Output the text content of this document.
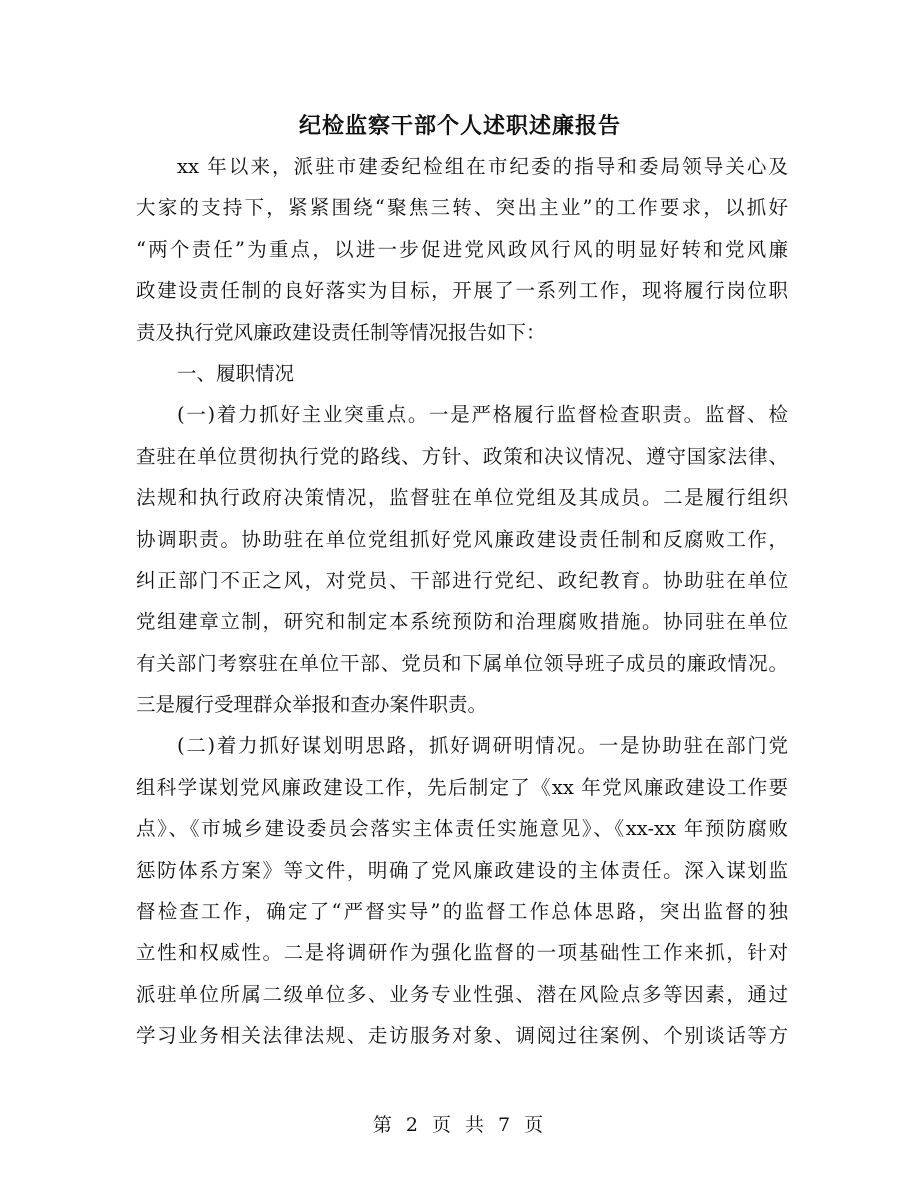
纪检监察干部个人述职述廉报告
xx 年以来，派驻市建委纪检组在市纪委的指导和委局领导关心及
大家的支持下，紧紧围绕“聚焦三转、突出主业”的工作要求，以抓好
“两个责任”为重点，以进一步促进党风政风行风的明显好转和党风廉
政建设责任制的良好落实为目标，开展了一系列工作，现将履行岗位职
责及执行党风廉政建设责任制等情况报告如下：
一、履职情况
(一)着力抓好主业突重点。一是严格履行监督检查职责。监督、检
查驻在单位贯彻执行党的路线、方针、政策和决议情况、遵守国家法律、
法规和执行政府决策情况，监督驻在单位党组及其成员。二是履行组织
协调职责。协助驻在单位党组抓好党风廉政建设责任制和反腐败工作，
纠正部门不正之风，对党员、干部进行党纪、政纪教育。协助驻在单位
党组建章立制，研究和制定本系统预防和治理腐败措施。协同驻在单位
有关部门考察驻在单位干部、党员和下属单位领导班子成员的廉政情况。
三是履行受理群众举报和查办案件职责。
(二)着力抓好谋划明思路，抓好调研明情况。一是协助驻在部门党
组科学谋划党风廉政建设工作，先后制定了《xx 年党风廉政建设工作要
点》、《市城乡建设委员会落实主体责任实施意见》、《xx-xx 年预防腐败
惩防体系方案》等文件，明确了党风廉政建设的主体责任。深入谋划监
督检查工作，确定了“严督实导”的监督工作总体思路，突出监督的独
立性和权威性。二是将调研作为强化监督的一项基础性工作来抓，针对
派驻单位所属二级单位多、业务专业性强、潜在风险点多等因素，通过
学习业务相关法律法规、走访服务对象、调阅过往案例、个别谈话等方
第 2 页 共 7 页
